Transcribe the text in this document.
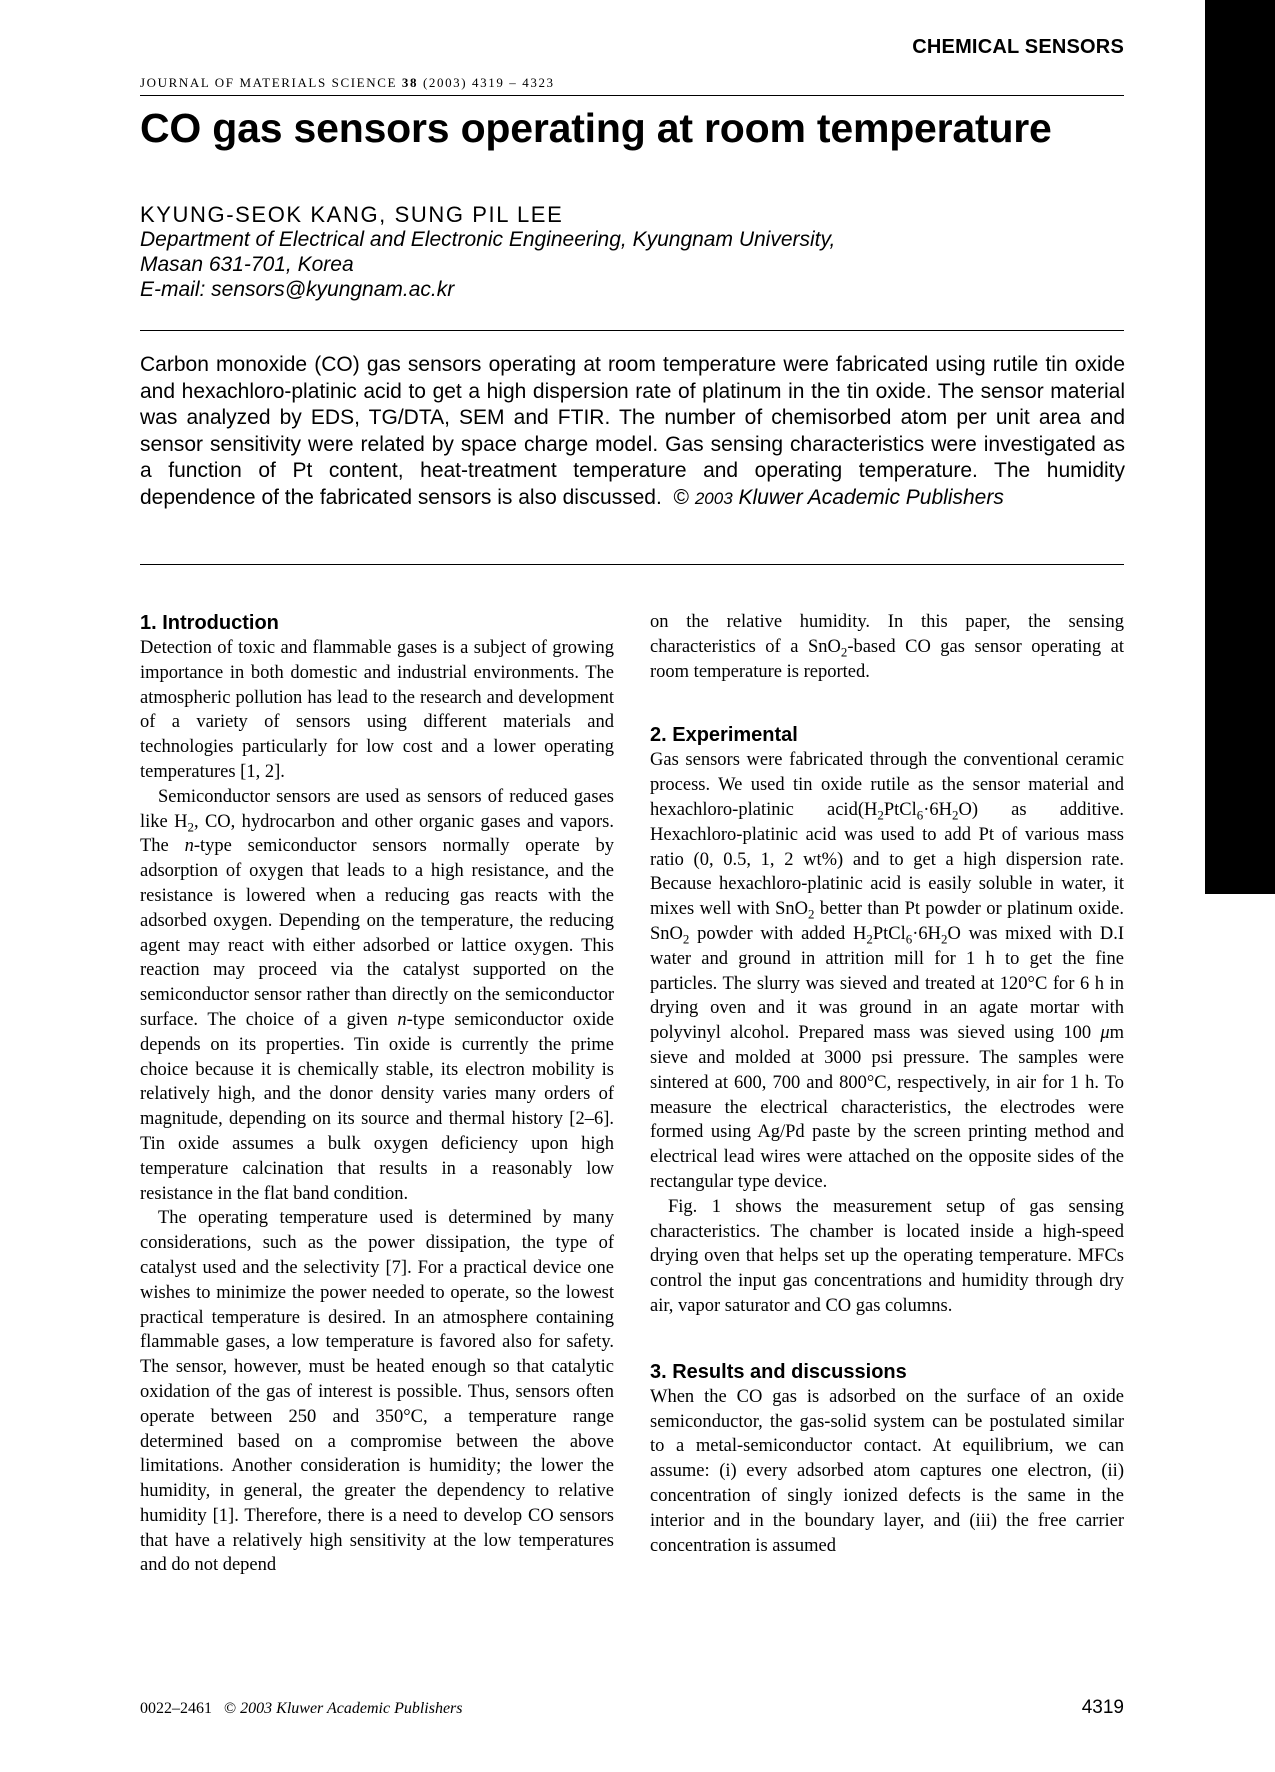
CHEMICAL SENSORS
JOURNAL OF MATERIALS SCIENCE 38 (2003) 4319 – 4323
CO gas sensors operating at room temperature
KYUNG-SEOK KANG, SUNG PIL LEE
Department of Electrical and Electronic Engineering, Kyungnam University,
Masan 631-701, Korea
E-mail: sensors@kyungnam.ac.kr

Carbon monoxide (CO) gas sensors operating at room temperature were fabricated using rutile tin oxide and hexachloro-platinic acid to get a high dispersion rate of platinum in the tin oxide. The sensor material was analyzed by EDS, TG/DTA, SEM and FTIR. The number of chemisorbed atom per unit area and sensor sensitivity were related by space charge model. Gas sensing characteristics were investigated as a function of Pt content, heat-treatment temperature and operating temperature. The humidity dependence of the fabricated sensors is also discussed. © 2003 Kluwer Academic Publishers

1. Introduction

Detection of toxic and flammable gases is a subject of growing importance in both domestic and industrial environments. The atmospheric pollution has lead to the research and development of a variety of sensors using different materials and technologies particularly for low cost and a lower operating temperatures [1, 2].

Semiconductor sensors are used as sensors of reduced gases like $H_2$, CO, hydrocarbon and other organic gases and vapors. The n-type semiconductor sensors normally operate by adsorption of oxygen that leads to a high resistance, and the resistance is lowered when a reducing gas reacts with the adsorbed oxygen. Depending on the temperature, the reducing agent may react with either adsorbed or lattice oxygen. This reaction may proceed via the catalyst supported on the semiconductor sensor rather than directly on the semiconductor surface. The choice of a given n-type semiconductor oxide depends on its properties. Tin oxide is currently the prime choice because it is chemically stable, its electron mobility is relatively high, and the donor density varies many orders of magnitude, depending on its source and thermal history [2–6]. Tin oxide assumes a bulk oxygen deficiency upon high temperature calcination that results in a reasonably low resistance in the flat band condition.

The operating temperature used is determined by many considerations, such as the power dissipation, the type of catalyst used and the selectivity [7]. For a practical device one wishes to minimize the power needed to operate, so the lowest practical temperature is desired. In an atmosphere containing flammable gases, a low temperature is favored also for safety. The sensor, however, must be heated enough so that catalytic oxidation of the gas of interest is possible. Thus, sensors often operate between 250 and 350°C, a temperature range determined based on a compromise between the above limitations. Another consideration is humidity; the lower the humidity, in general, the greater the dependency to relative humidity [1]. Therefore, there is a need to develop CO sensors that have a relatively high sensitivity at the low temperatures and do not depend

on the relative humidity. In this paper, the sensing characteristics of a SnO$_2$-based CO gas sensor operating at room temperature is reported.

2. Experimental

Gas sensors were fabricated through the conventional ceramic process. We used tin oxide rutile as the sensor material and hexachloro-platinic $acid(H_2PtCl_6\cdot 6H_2O)$ as additive. Hexachloro-platinic acid was used to add Pt of various mass ratio (0, 0.5, 1, 2 wt%) and to get a high dispersion rate. Because hexachloro-platinic acid is easily soluble in water, it mixes well with SnO$_2$ better than Pt powder or platinum oxide. SnO$_2$ powder with added $H_2PtCl_6\cdot 6H_2O$ was mixed with D.I water and ground in attrition mill for 1 h to get the fine particles. The slurry was sieved and treated at 120°C for 6 h in drying oven and it was ground in an agate mortar with polyvinyl alcohol. Prepared mass was sieved using 100 μm sieve and molded at 3000 psi pressure. The samples were sintered at 600, 700 and 800°C, respectively, in air for 1 h. To measure the electrical characteristics, the electrodes were formed using Ag/Pd paste by the screen printing method and electrical lead wires were attached on the opposite sides of the rectangular type device.

Fig. 1 shows the measurement setup of gas sensing characteristics. The chamber is located inside a high-speed drying oven that helps set up the operating temperature. MFCs control the input gas concentrations and humidity through dry air, vapor saturator and CO gas columns.

3. Results and discussions

When the CO gas is adsorbed on the surface of an oxide semiconductor, the gas-solid system can be postulated similar to a metal-semiconductor contact. At equilibrium, we can assume: (i) every adsorbed atom captures one electron, (ii) concentration of singly ionized defects is the same in the interior and in the boundary layer, and (iii) the free carrier concentration is assumed

0022–2461 © 2003 Kluwer Academic Publishers	4319
